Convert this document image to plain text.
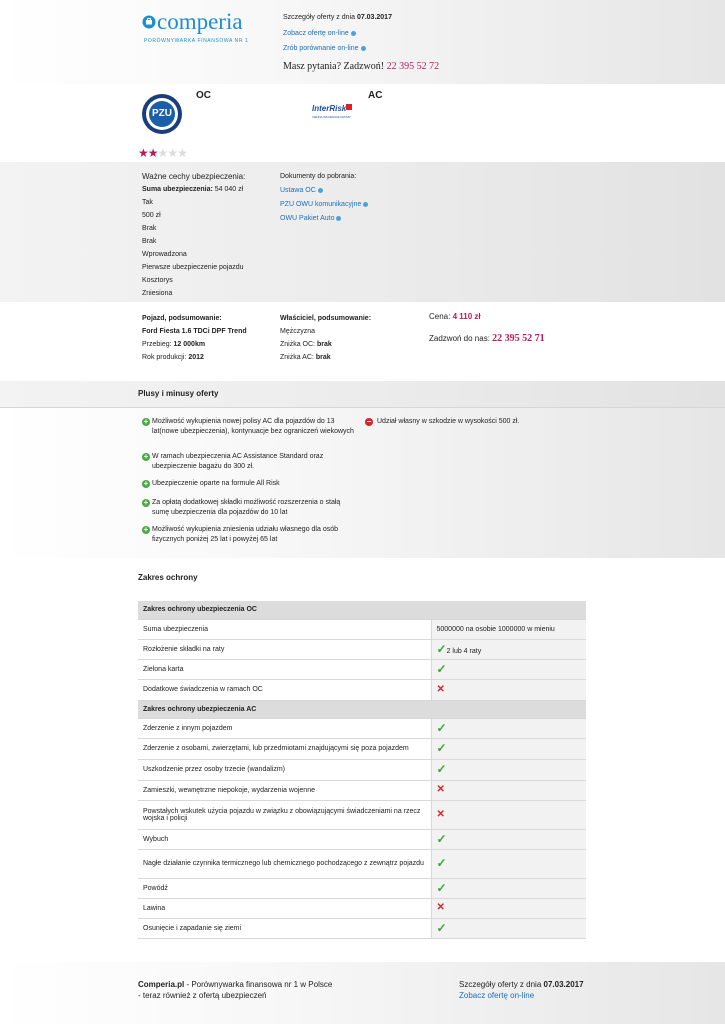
comperia
PORÓWNYWARKA FINANSOWA NR 1
Szczegóły oferty z dnia 07.03.2017
Zobacz ofertę on-line
Zrób porównanie on-line
Masz pytania? Zadzwoń! 22 395 52 72
PZU
OC
InterRisk
VIENNA INSURANCE GROUP
AC
★★★★★
Ważne cechy ubezpieczenia:
Suma ubezpieczenia: 54 040 zł
Tak
500 zł
Brak
Brak
Wprowadzona
Pierwsze ubezpieczenie pojazdu
Kosztorys
Zniesiona
Dokumenty do pobrania:
Ustawa OC
PZU OWU komunikacyjne
OWU Pakiet Auto
Pojazd, podsumowanie:
Ford Fiesta 1.6 TDCi DPF Trend
Przebieg: 12 000km
Rok produkcji: 2012
Właściciel, podsumowanie:
Mężczyzna
Zniżka OC: brak
Zniżka AC: brak
Cena: 4 110 zł
Zadzwoń do nas: 22 395 52 71
Plusy i minusy oferty
+ Możliwość wykupienia nowej polisy AC dla pojazdów do 13 lat(nowe ubezpieczenia), kontynuacje bez ograniczeń wiekowych
+ W ramach ubezpieczenia AC Assistance Standard oraz ubezpieczenie bagażu do 300 zł.
+ Ubezpieczenie oparte na formule All Risk
+ Za opłatą dodatkowej składki możliwość rozszerzenia o stałą sumę ubezpieczenia dla pojazdów do 10 lat
+ Możliwość wykupienia zniesienia udziału własnego dla osób fizycznych poniżej 25 lat i powyżej 65 lat
− Udział własny w szkodzie w wysokości 500 zł.
Zakres ochrony
Zakres ochrony ubezpieczenia OC	
Suma ubezpieczenia	5000000 na osobie 1000000 w mieniu
Rozłożenie składki na raty	✓2 lub 4 raty
Zielona karta	✓
Dodatkowe świadczenia w ramach OC	✕
Zakres ochrony ubezpieczenia AC	
Zderzenie z innym pojazdem	✓
Zderzenie z osobami, zwierzętami, lub przedmiotami znajdującymi się poza pojazdem	✓
Uszkodzenie przez osoby trzecie (wandalizm)	✓
Zamieszki, wewnętrzne niepokoje, wydarzenia wojenne	✕
Powstałych wskutek użycia pojazdu w związku z obowiązującymi świadczeniami na rzecz wojska i policji	✕
Wybuch	✓
Nagłe działanie czynnika termicznego lub chemicznego pochodzącego z zewnątrz pojazdu	✓
Powódź	✓
Lawina	✕
Osunięcie i zapadanie się ziemi	✓
Comperia.pl - Porównywarka finansowa nr 1 w Polsce
- teraz również z ofertą ubezpieczeń
Szczegóły oferty z dnia 07.03.2017
Zobacz ofertę on-line
